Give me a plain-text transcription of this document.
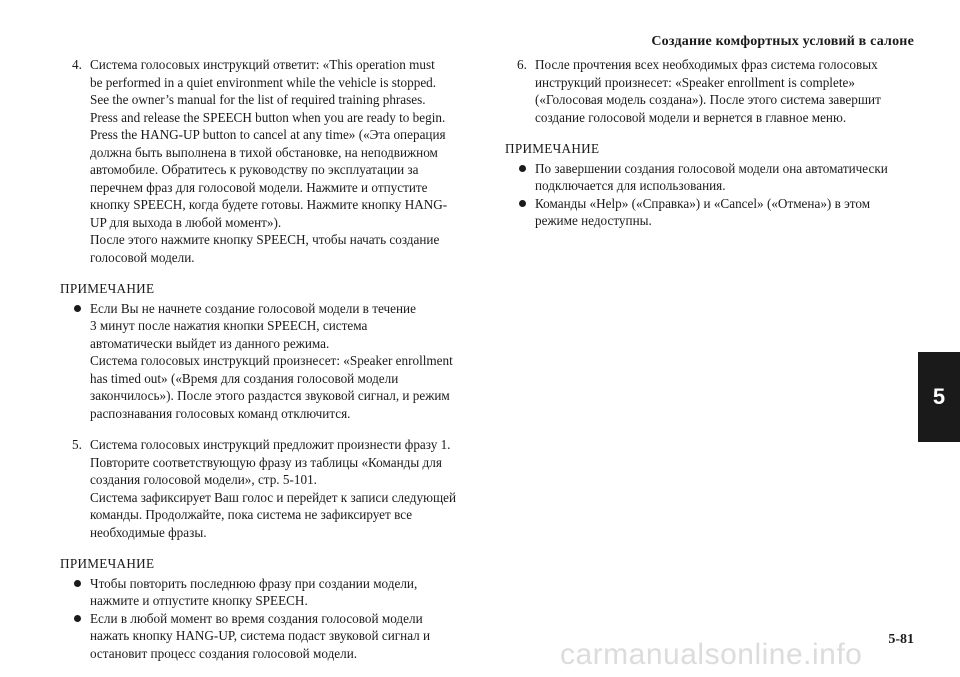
Создание комфортных условий в салоне
4. Система голосовых инструкций ответит: «This operation must
be performed in a quiet environment while the vehicle is stopped.
See the owner’s manual for the list of required training phrases.
Press and release the SPEECH button when you are ready to begin.
Press the HANG-UP button to cancel at any time» («Эта операция
должна быть выполнена в тихой обстановке, на неподвижном
автомобиле. Обратитесь к руководству по эксплуатации за
перечнем фраз для голосовой модели. Нажмите и отпустите
кнопку SPEECH, когда будете готовы. Нажмите кнопку HANG-
UP для выхода в любой момент»).
После этого нажмите кнопку SPEECH, чтобы начать создание
голосовой модели.
ПРИМЕЧАНИЕ
Если Вы не начнете создание голосовой модели в течение
3 минут после нажатия кнопки SPEECH, система
автоматически выйдет из данного режима.
Система голосовых инструкций произнесет: «Speaker enrollment
has timed out» («Время для создания голосовой модели
закончилось»). После этого раздастся звуковой сигнал, и режим
распознавания голосовых команд отключится.
5. Система голосовых инструкций предложит произнести фразу 1.
Повторите соответствующую фразу из таблицы «Команды для
создания голосовой модели», стр. 5-101.
Система зафиксирует Ваш голос и перейдет к записи следующей
команды. Продолжайте, пока система не зафиксирует все
необходимые фразы.
ПРИМЕЧАНИЕ
Чтобы повторить последнюю фразу при создании модели,
нажмите и отпустите кнопку SPEECH.
Если в любой момент во время создания голосовой модели
нажать кнопку HANG-UP, система подаст звуковой сигнал и
остановит процесс создания голосовой модели.
6. После прочтения всех необходимых фраз система голосовых
инструкций произнесет: «Speaker enrollment is complete»
(«Голосовая модель создана»). После этого система завершит
создание голосовой модели и вернется в главное меню.
ПРИМЕЧАНИЕ
По завершении создания голосовой модели она автоматически
подключается для использования.
Команды «Help» («Справка») и «Cancel» («Отмена») в этом
режиме недоступны.
5
5-81
carmanualsonline.info
